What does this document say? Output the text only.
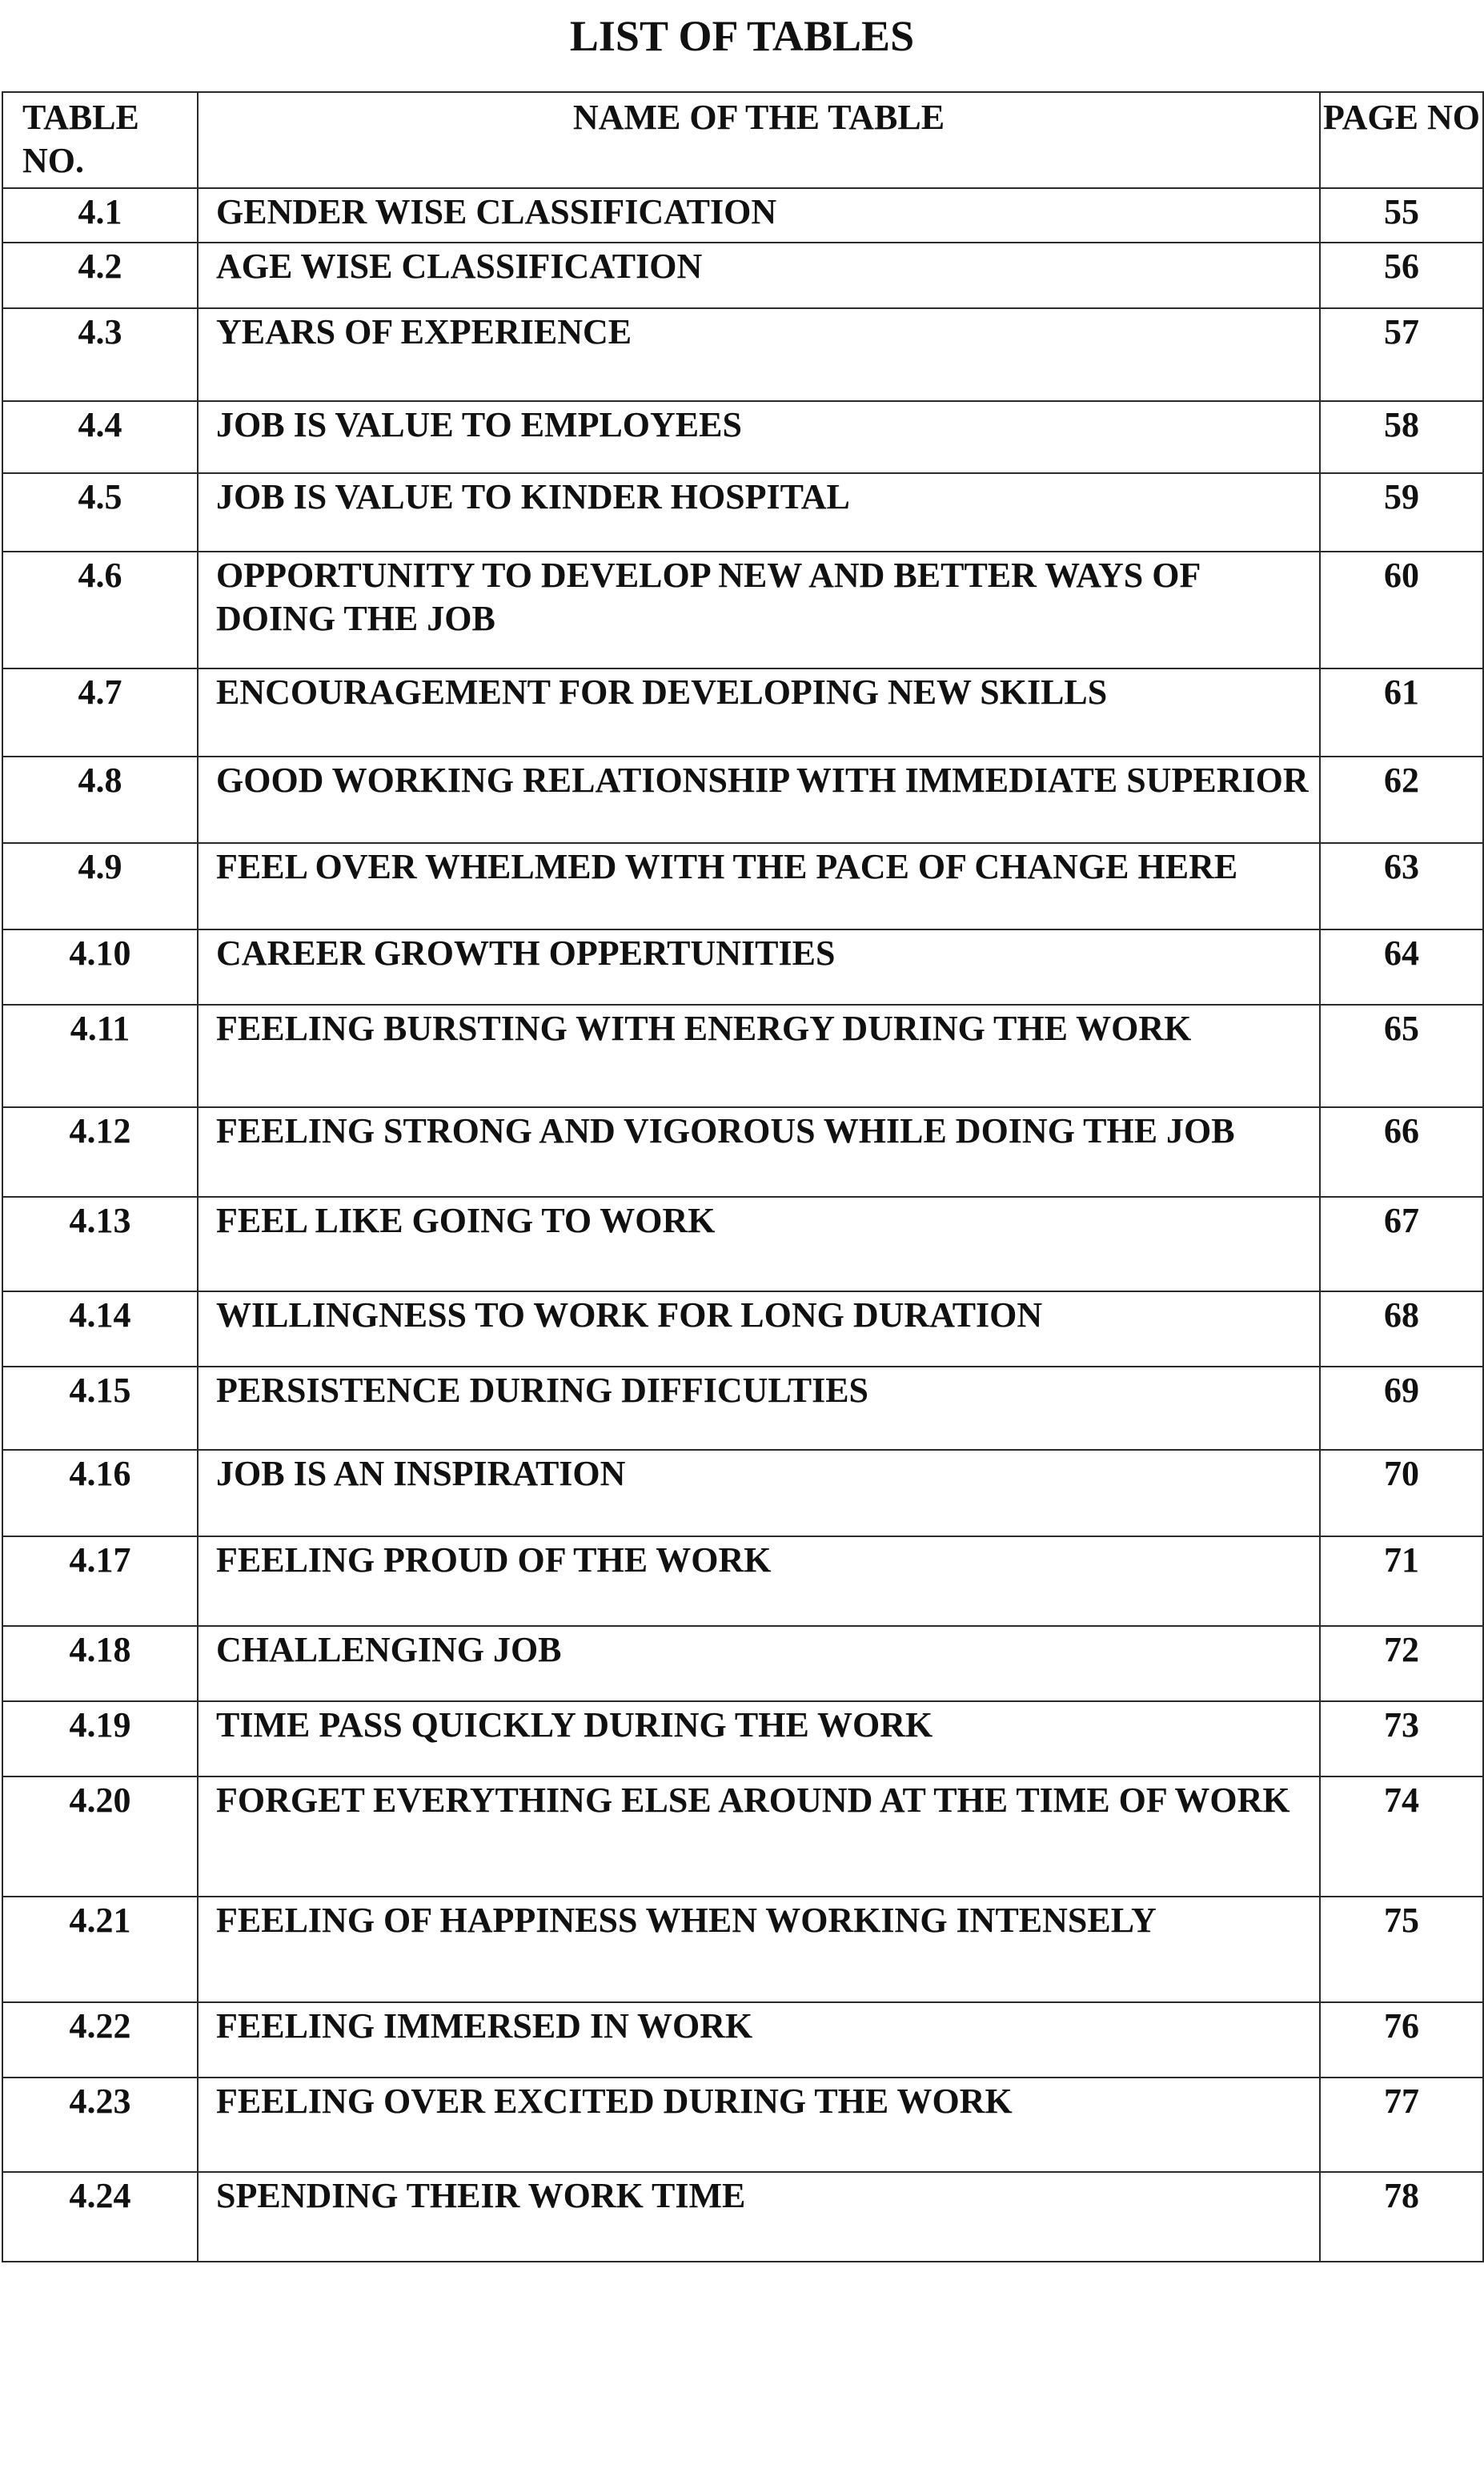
LIST OF TABLES
TABLE NO.	NAME OF THE TABLE	PAGE NO
4.1	GENDER WISE CLASSIFICATION	55
4.2	AGE WISE CLASSIFICATION	56
4.3	YEARS OF EXPERIENCE	57
4.4	JOB IS VALUE TO EMPLOYEES	58
4.5	JOB IS VALUE TO KINDER HOSPITAL	59
4.6	OPPORTUNITY TO DEVELOP NEW AND BETTER WAYS OF DOING THE JOB	60
4.7	ENCOURAGEMENT FOR DEVELOPING NEW SKILLS	61
4.8	GOOD WORKING RELATIONSHIP WITH IMMEDIATE SUPERIOR	62
4.9	FEEL OVER WHELMED WITH THE PACE OF CHANGE HERE	63
4.10	CAREER GROWTH OPPERTUNITIES	64
4.11	FEELING BURSTING WITH ENERGY DURING THE WORK	65
4.12	FEELING STRONG AND VIGOROUS WHILE DOING THE JOB	66
4.13	FEEL LIKE GOING TO WORK	67
4.14	WILLINGNESS TO WORK FOR LONG DURATION	68
4.15	PERSISTENCE DURING DIFFICULTIES	69
4.16	JOB IS AN INSPIRATION	70
4.17	FEELING PROUD OF THE WORK	71
4.18	CHALLENGING JOB	72
4.19	TIME PASS QUICKLY DURING THE WORK	73
4.20	FORGET EVERYTHING ELSE AROUND AT THE TIME OF WORK	74
4.21	FEELING OF HAPPINESS WHEN WORKING INTENSELY	75
4.22	FEELING IMMERSED IN WORK	76
4.23	FEELING OVER EXCITED DURING THE WORK	77
4.24	SPENDING THEIR WORK TIME	78
